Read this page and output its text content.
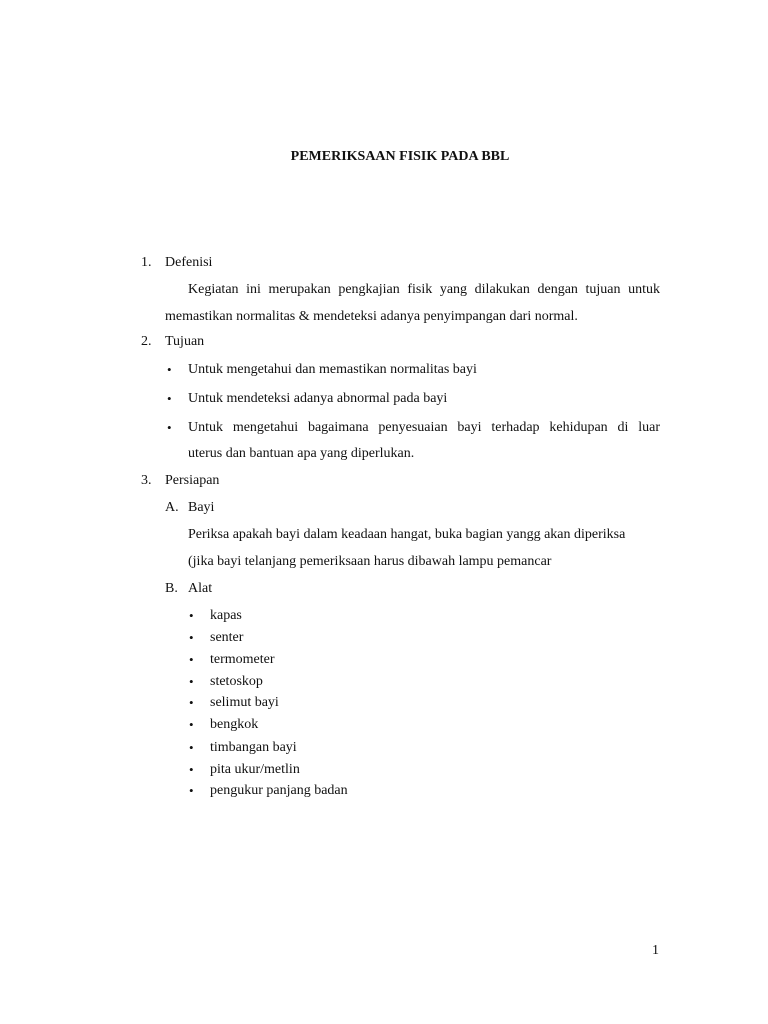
PEMERIKSAAN FISIK PADA BBL
1. Defenisi
Kegiatan ini merupakan pengkajian fisik yang dilakukan dengan tujuan untuk
memastikan normalitas & mendeteksi adanya penyimpangan dari normal.
2. Tujuan
• Untuk mengetahui dan memastikan normalitas bayi
• Untuk mendeteksi adanya abnormal pada bayi
• Untuk mengetahui bagaimana penyesuaian bayi terhadap kehidupan di luar
uterus dan bantuan apa yang diperlukan.
3. Persiapan
A. Bayi
Periksa apakah bayi dalam keadaan hangat, buka bagian yangg akan diperiksa
(jika bayi telanjang pemeriksaan harus dibawah lampu pemancar
B. Alat
• kapas
• senter
• termometer
• stetoskop
• selimut bayi
• bengkok
• timbangan bayi
• pita ukur/metlin
• pengukur panjang badan
1
